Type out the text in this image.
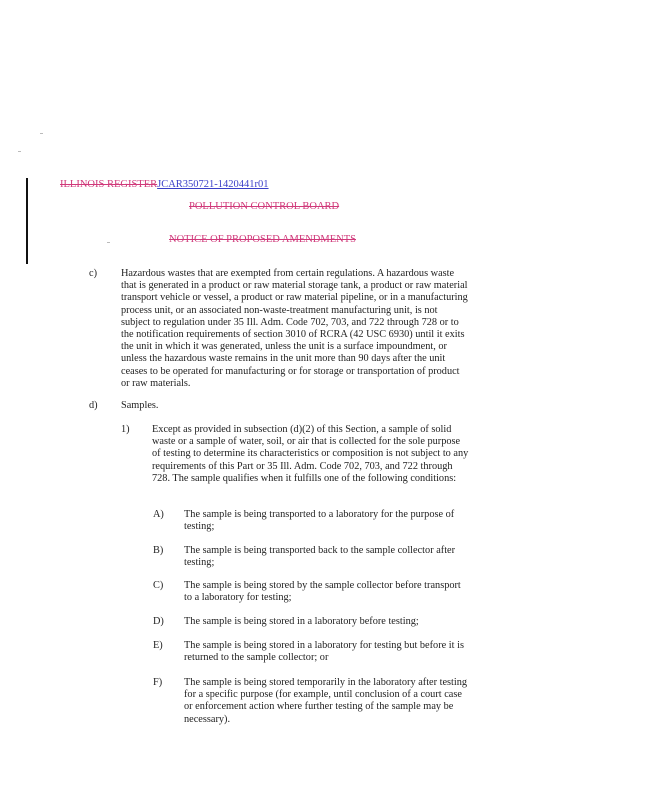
ILLINOIS REGISTERJCAR350721-1420441r01
POLLUTION CONTROL BOARD
NOTICE OF PROPOSED AMENDMENTS
c) Hazardous wastes that are exempted from certain regulations. A hazardous waste that is generated in a product or raw material storage tank, a product or raw material transport vehicle or vessel, a product or raw material pipeline, or in a manufacturing process unit, or an associated non-waste-treatment manufacturing unit, is not subject to regulation under 35 Ill. Adm. Code 702, 703, and 722 through 728 or to the notification requirements of section 3010 of RCRA (42 USC 6930) until it exits the unit in which it was generated, unless the unit is a surface impoundment, or unless the hazardous waste remains in the unit more than 90 days after the unit ceases to be operated for manufacturing or for storage or transportation of product or raw materials.
d) Samples.
1) Except as provided in subsection (d)(2) of this Section, a sample of solid waste or a sample of water, soil, or air that is collected for the sole purpose of testing to determine its characteristics or composition is not subject to any requirements of this Part or 35 Ill. Adm. Code 702, 703, and 722 through 728. The sample qualifies when it fulfills one of the following conditions:
A) The sample is being transported to a laboratory for the purpose of testing;
B) The sample is being transported back to the sample collector after testing;
C) The sample is being stored by the sample collector before transport to a laboratory for testing;
D) The sample is being stored in a laboratory before testing;
E) The sample is being stored in a laboratory for testing but before it is returned to the sample collector; or
F) The sample is being stored temporarily in the laboratory after testing for a specific purpose (for example, until conclusion of a court case or enforcement action where further testing of the sample may be necessary).
